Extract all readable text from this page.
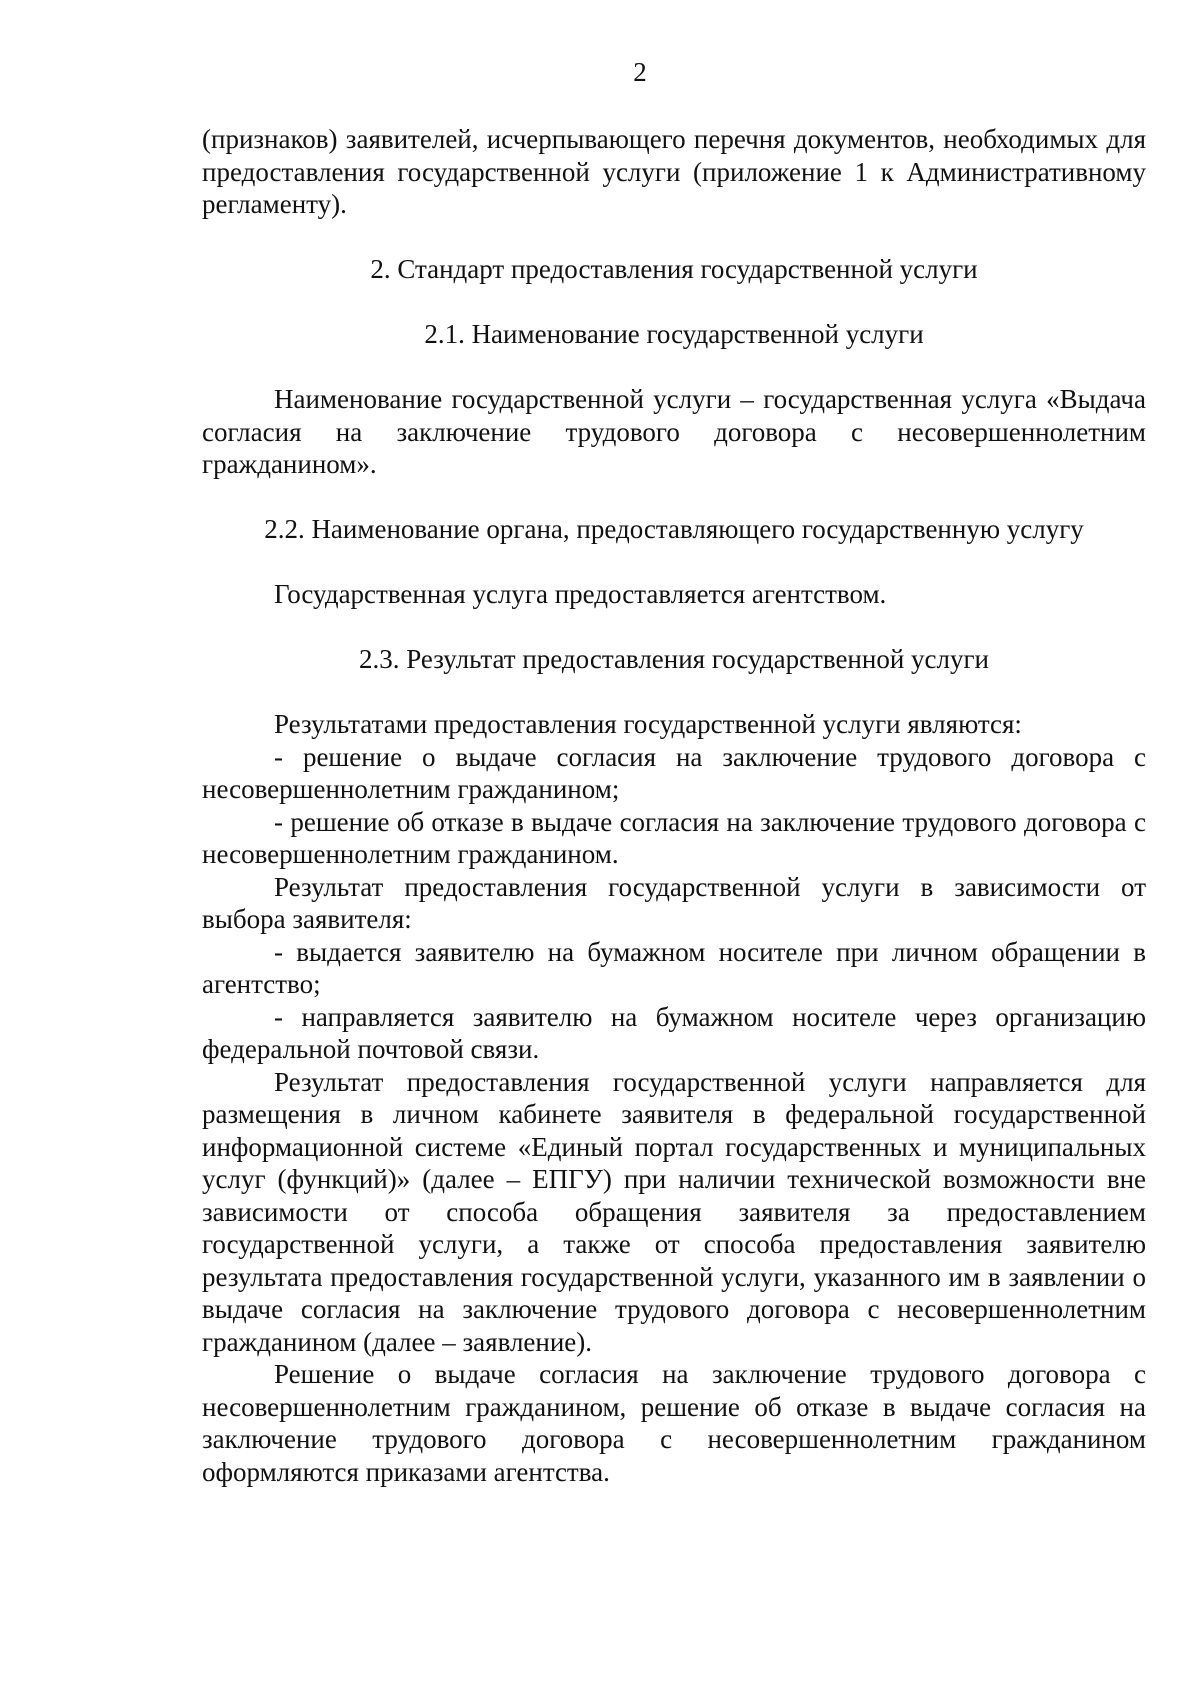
2

(признаков) заявителей, исчерпывающего перечня документов, необходимых для предоставления государственной услуги (приложение 1 к Административному регламенту).

2. Стандарт предоставления государственной услуги

2.1. Наименование государственной услуги

Наименование государственной услуги – государственная услуга «Выдача согласия на заключение трудового договора с несовершеннолетним гражданином».

2.2. Наименование органа, предоставляющего государственную услугу

Государственная услуга предоставляется агентством.

2.3. Результат предоставления государственной услуги

Результатами предоставления государственной услуги являются:

- решение о выдаче согласия на заключение трудового договора с несовершеннолетним гражданином;

- решение об отказе в выдаче согласия на заключение трудового договора с несовершеннолетним гражданином.

Результат предоставления государственной услуги в зависимости от выбора заявителя:

- выдается заявителю на бумажном носителе при личном обращении в агентство;

- направляется заявителю на бумажном носителе через организацию федеральной почтовой связи.

Результат предоставления государственной услуги направляется для размещения в личном кабинете заявителя в федеральной государственной информационной системе «Единый портал государственных и муниципальных услуг (функций)» (далее – ЕПГУ) при наличии технической возможности вне зависимости от способа обращения заявителя за предоставлением государственной услуги, а также от способа предоставления заявителю результата предоставления государственной услуги, указанного им в заявлении о выдаче согласия на заключение трудового договора с несовершеннолетним гражданином (далее – заявление).

Решение о выдаче согласия на заключение трудового договора с несовершеннолетним гражданином, решение об отказе в выдаче согласия на заключение трудового договора с несовершеннолетним гражданином оформляются приказами агентства.
